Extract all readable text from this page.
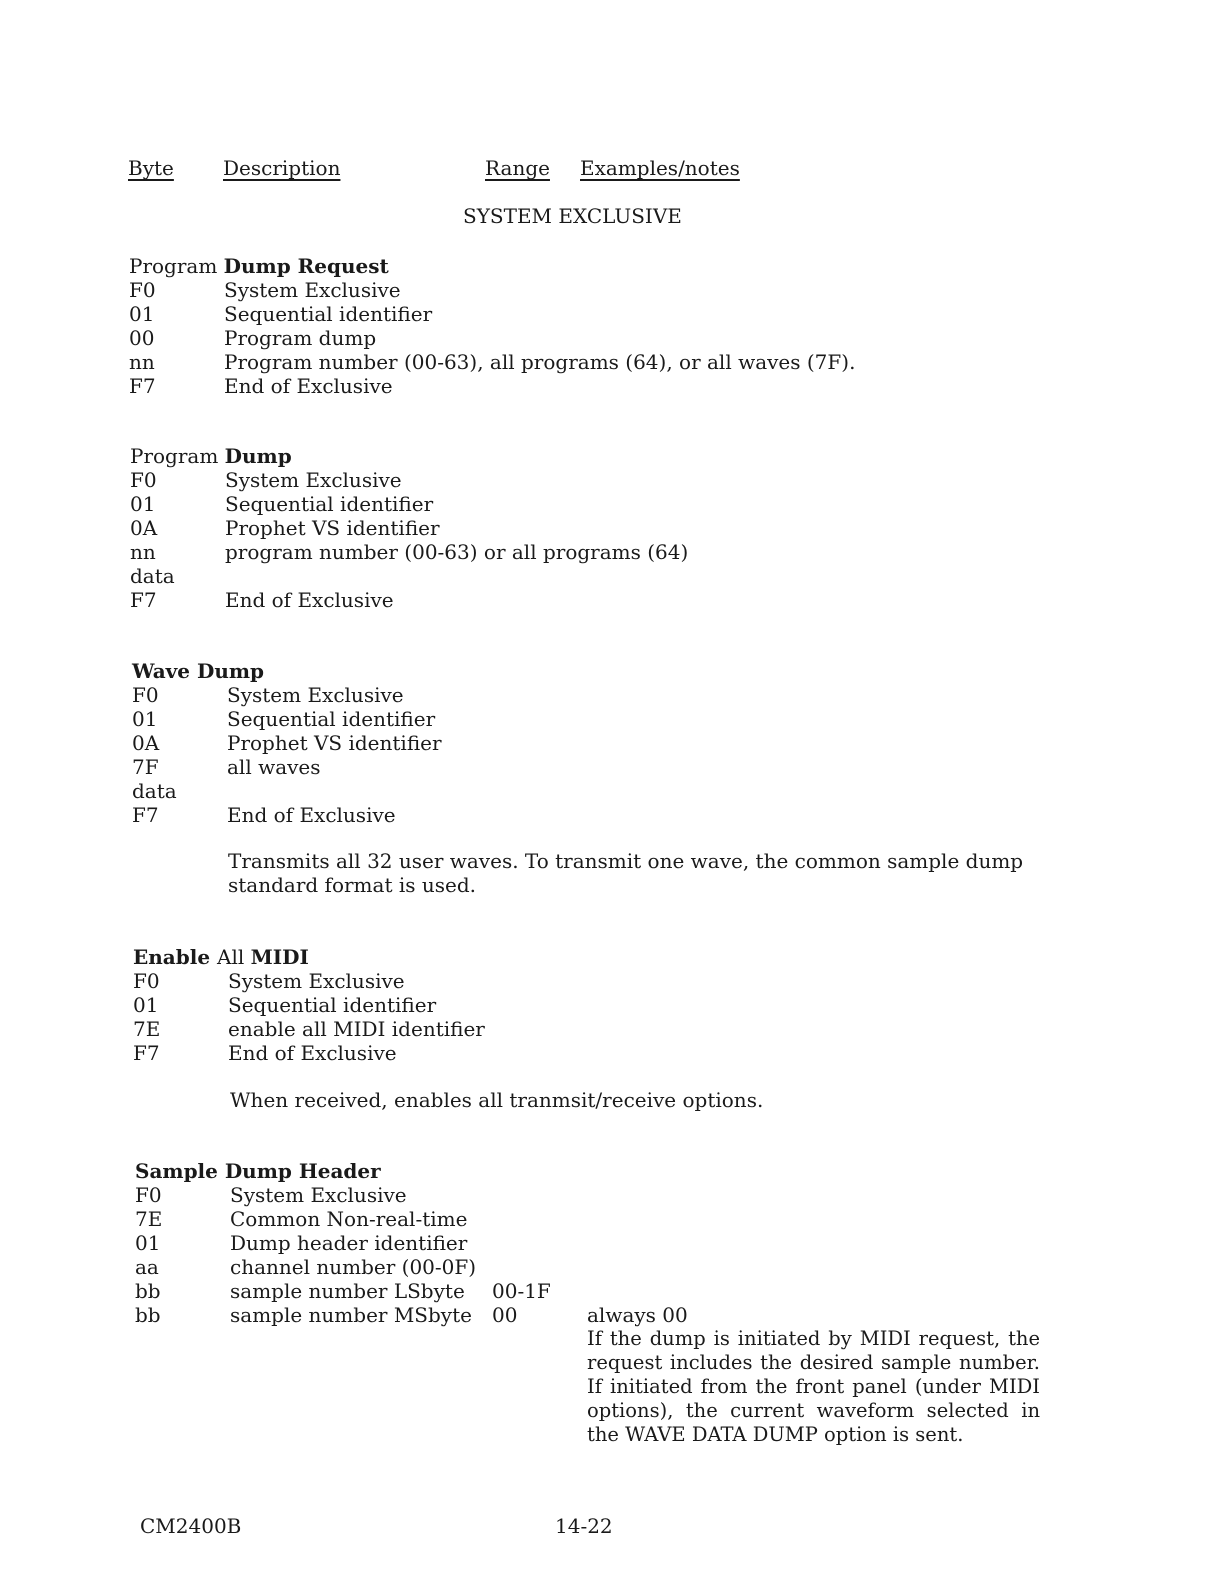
Byte Description	Range Examples/notes
SYSTEM EXCLUSIVE
Program Dump Request
F0	System Exclusive
01	Sequential identifier
00	Program dump
nn	Program number (00-63), all programs (64), or all waves (7F).
F7	End of Exclusive
Program Dump
F0	System Exclusive
01	Sequential identifier
0A	Prophet VS identifier
nn	program number (00-63) or all programs (64)
data
F7	End of Exclusive
Wave Dump
F0	System Exclusive
01	Sequential identifier
0A	Prophet VS identifier
7F	all waves
data
F7	End of Exclusive
Transmits all 32 user waves. To transmit one wave, the common sample dump standard format is used.
Enable All MIDI
F0	System Exclusive
01	Sequential identifier
7E	enable all MIDI identifier
F7	End of Exclusive
When received, enables all tranmsit/receive options.
Sample Dump Header
F0	System Exclusive
7E	Common Non-real-time
01	Dump header identifier
aa	channel number (00-0F)
bb	sample number LSbyte 00-1F
bb	sample number MSbyte 00	always 00
If the dump is initiated by MIDI request, the request includes the desired sample number. If initiated from the front panel (under MIDI options), the current waveform selected in the WAVE DATA DUMP option is sent.
CM2400B	14-22
